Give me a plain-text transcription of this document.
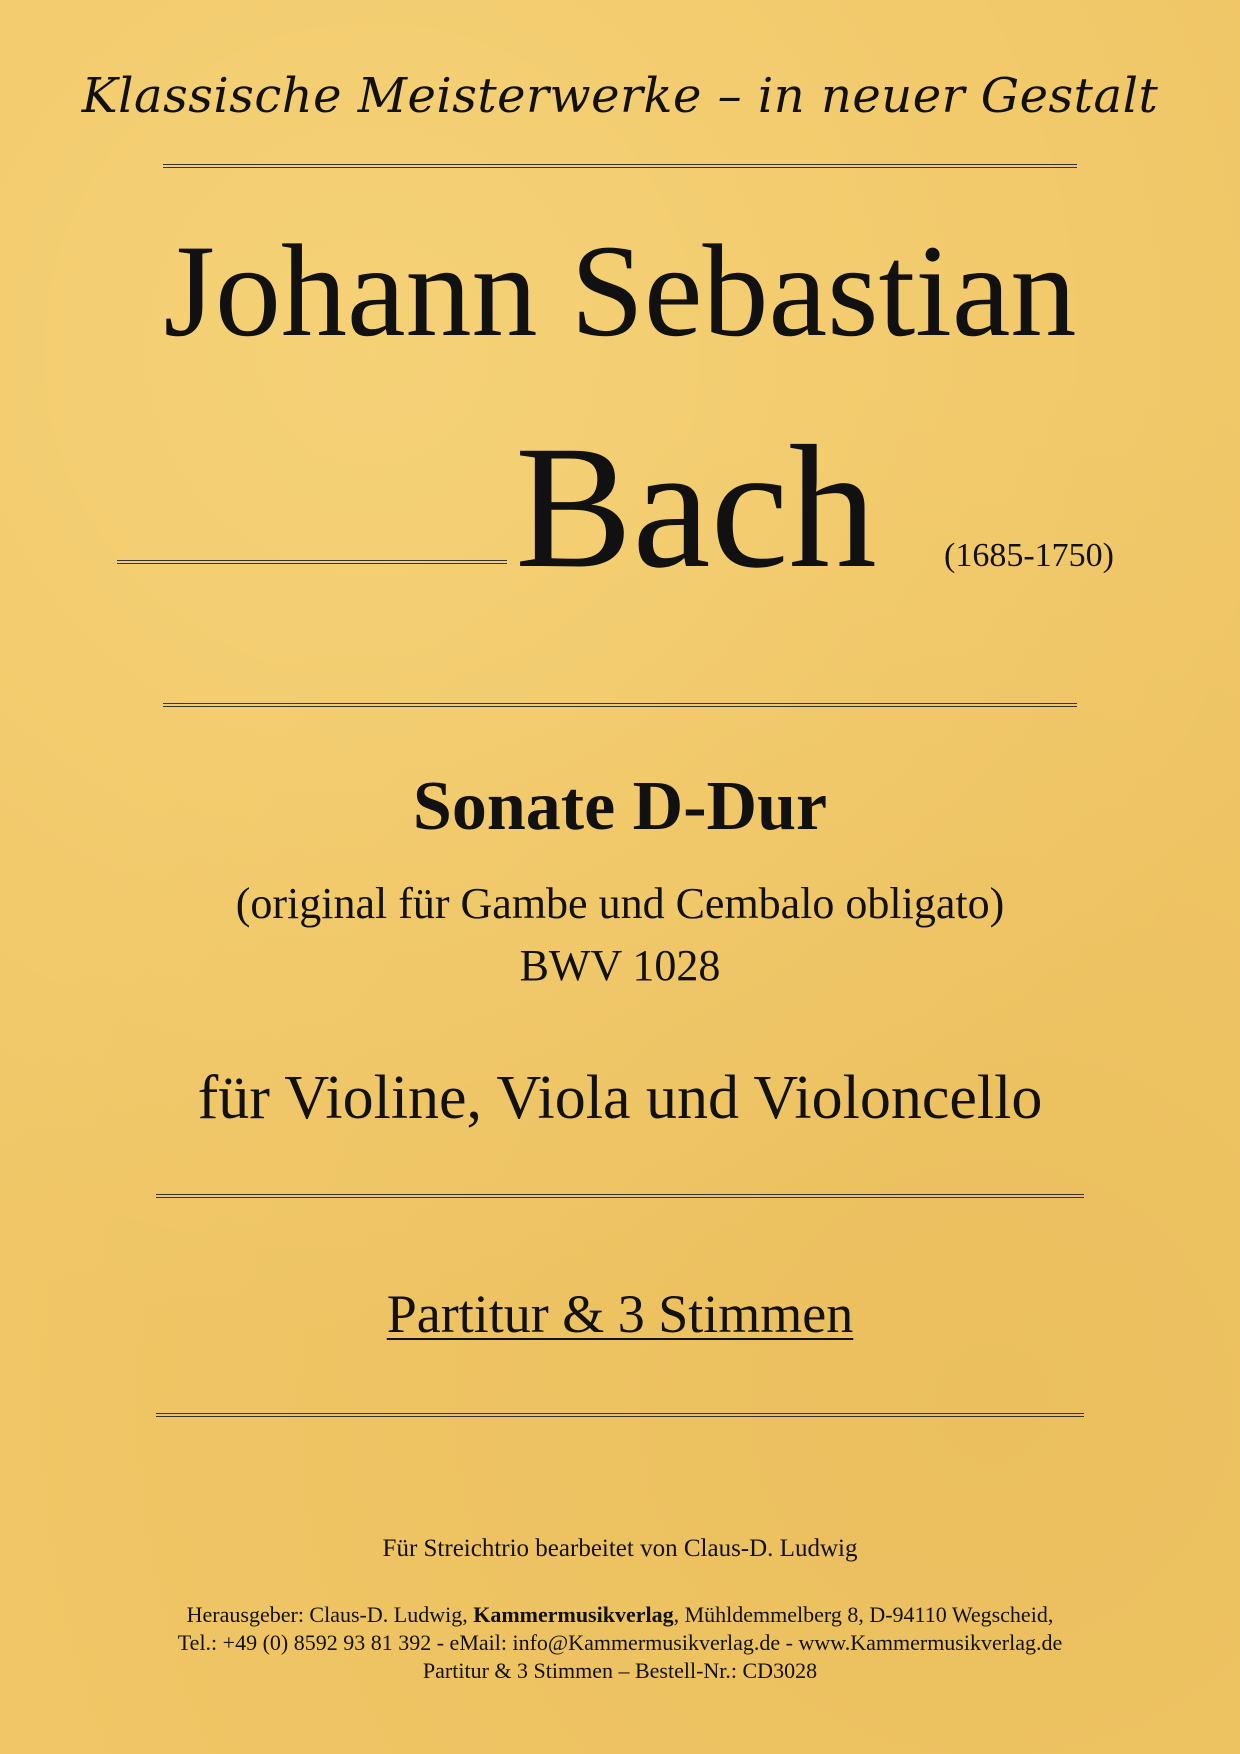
Klassische Meisterwerke – in neuer Gestalt
Johann Sebastian
Bach (1685-1750)
Sonate D-Dur
(original für Gambe und Cembalo obligato)
BWV 1028
für Violine, Viola und Violoncello
Partitur & 3 Stimmen
Für Streichtrio bearbeitet von Claus-D. Ludwig
Herausgeber: Claus-D. Ludwig, Kammermusikverlag, Mühldemmelberg 8, D-94110 Wegscheid,
Tel.: +49 (0) 8592 93 81 392 - eMail: info@Kammermusikverlag.de - www.Kammermusikverlag.de
Partitur & 3 Stimmen – Bestell-Nr.: CD3028
